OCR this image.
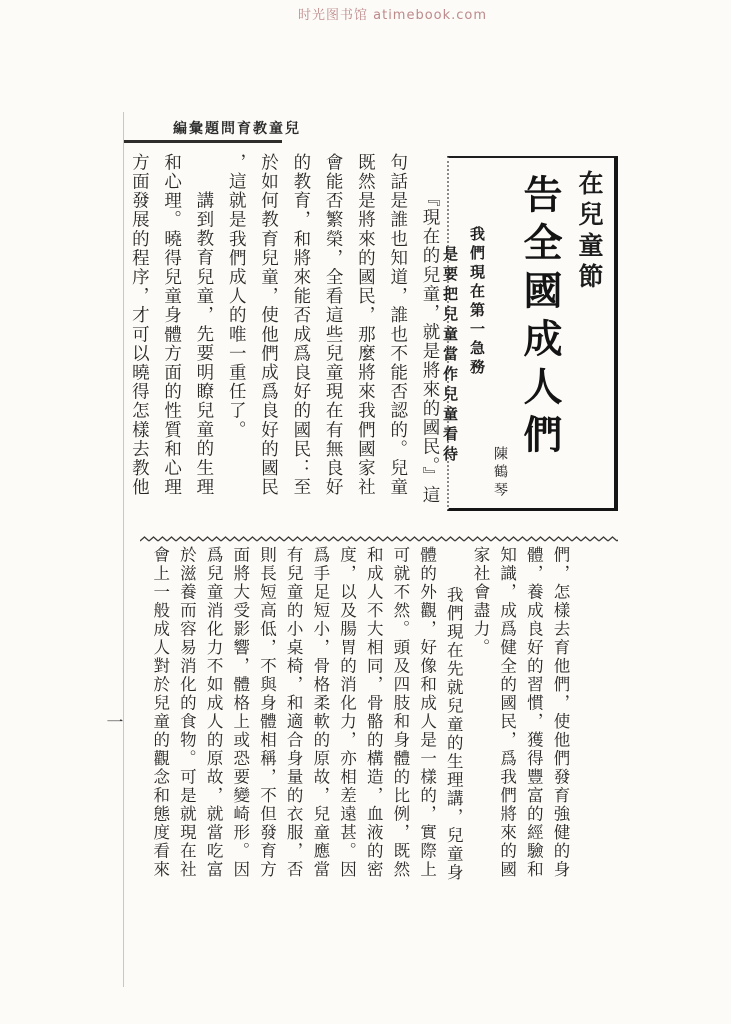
时光图书馆 atimebook.com
編彙題問育教童兒
在兒童節
告全國成人們
陳鶴琴
我們現在第一急務
是要把兒童當作兒童看待
『現在的兒童，就是將來的國民。』這
句話是誰也知道，誰也不能否認的。兒童
既然是將來的國民，那麼將來我們國家社
會能否繁榮，全看這些兒童現在有無良好
的教育，和將來能否成爲良好的國民：至
於如何教育兒童，使他們成爲良好的國民
，這就是我們成人的唯一重任了。
講到教育兒童，先要明瞭兒童的生理
和心理。曉得兒童身體方面的性質和心理
方面發展的程序，才可以曉得怎樣去教他
們，怎樣去育他們，使他們發育強健的身
體，養成良好的習慣，獲得豐富的經驗和
知識，成爲健全的國民，爲我們將來的國
家社會盡力。
我們現在先就兒童的生理講，兒童身
體的外觀，好像和成人是一樣的，實際上
可就不然。頭及四肢和身體的比例，既然
和成人不大相同，骨骼的構造，血液的密
度，以及腸胃的消化力，亦相差遠甚。因
爲手足短小，骨格柔軟的原故，兒童應當
有兒童的小桌椅，和適合身量的衣服，否
則長短高低，不與身體相稱，不但發育方
面將大受影響，體格上或恐要變崎形。因
爲兒童消化力不如成人的原故，就當吃富
於滋養而容易消化的食物。可是就現在社
會上一般成人對於兒童的觀念和態度看來
一
